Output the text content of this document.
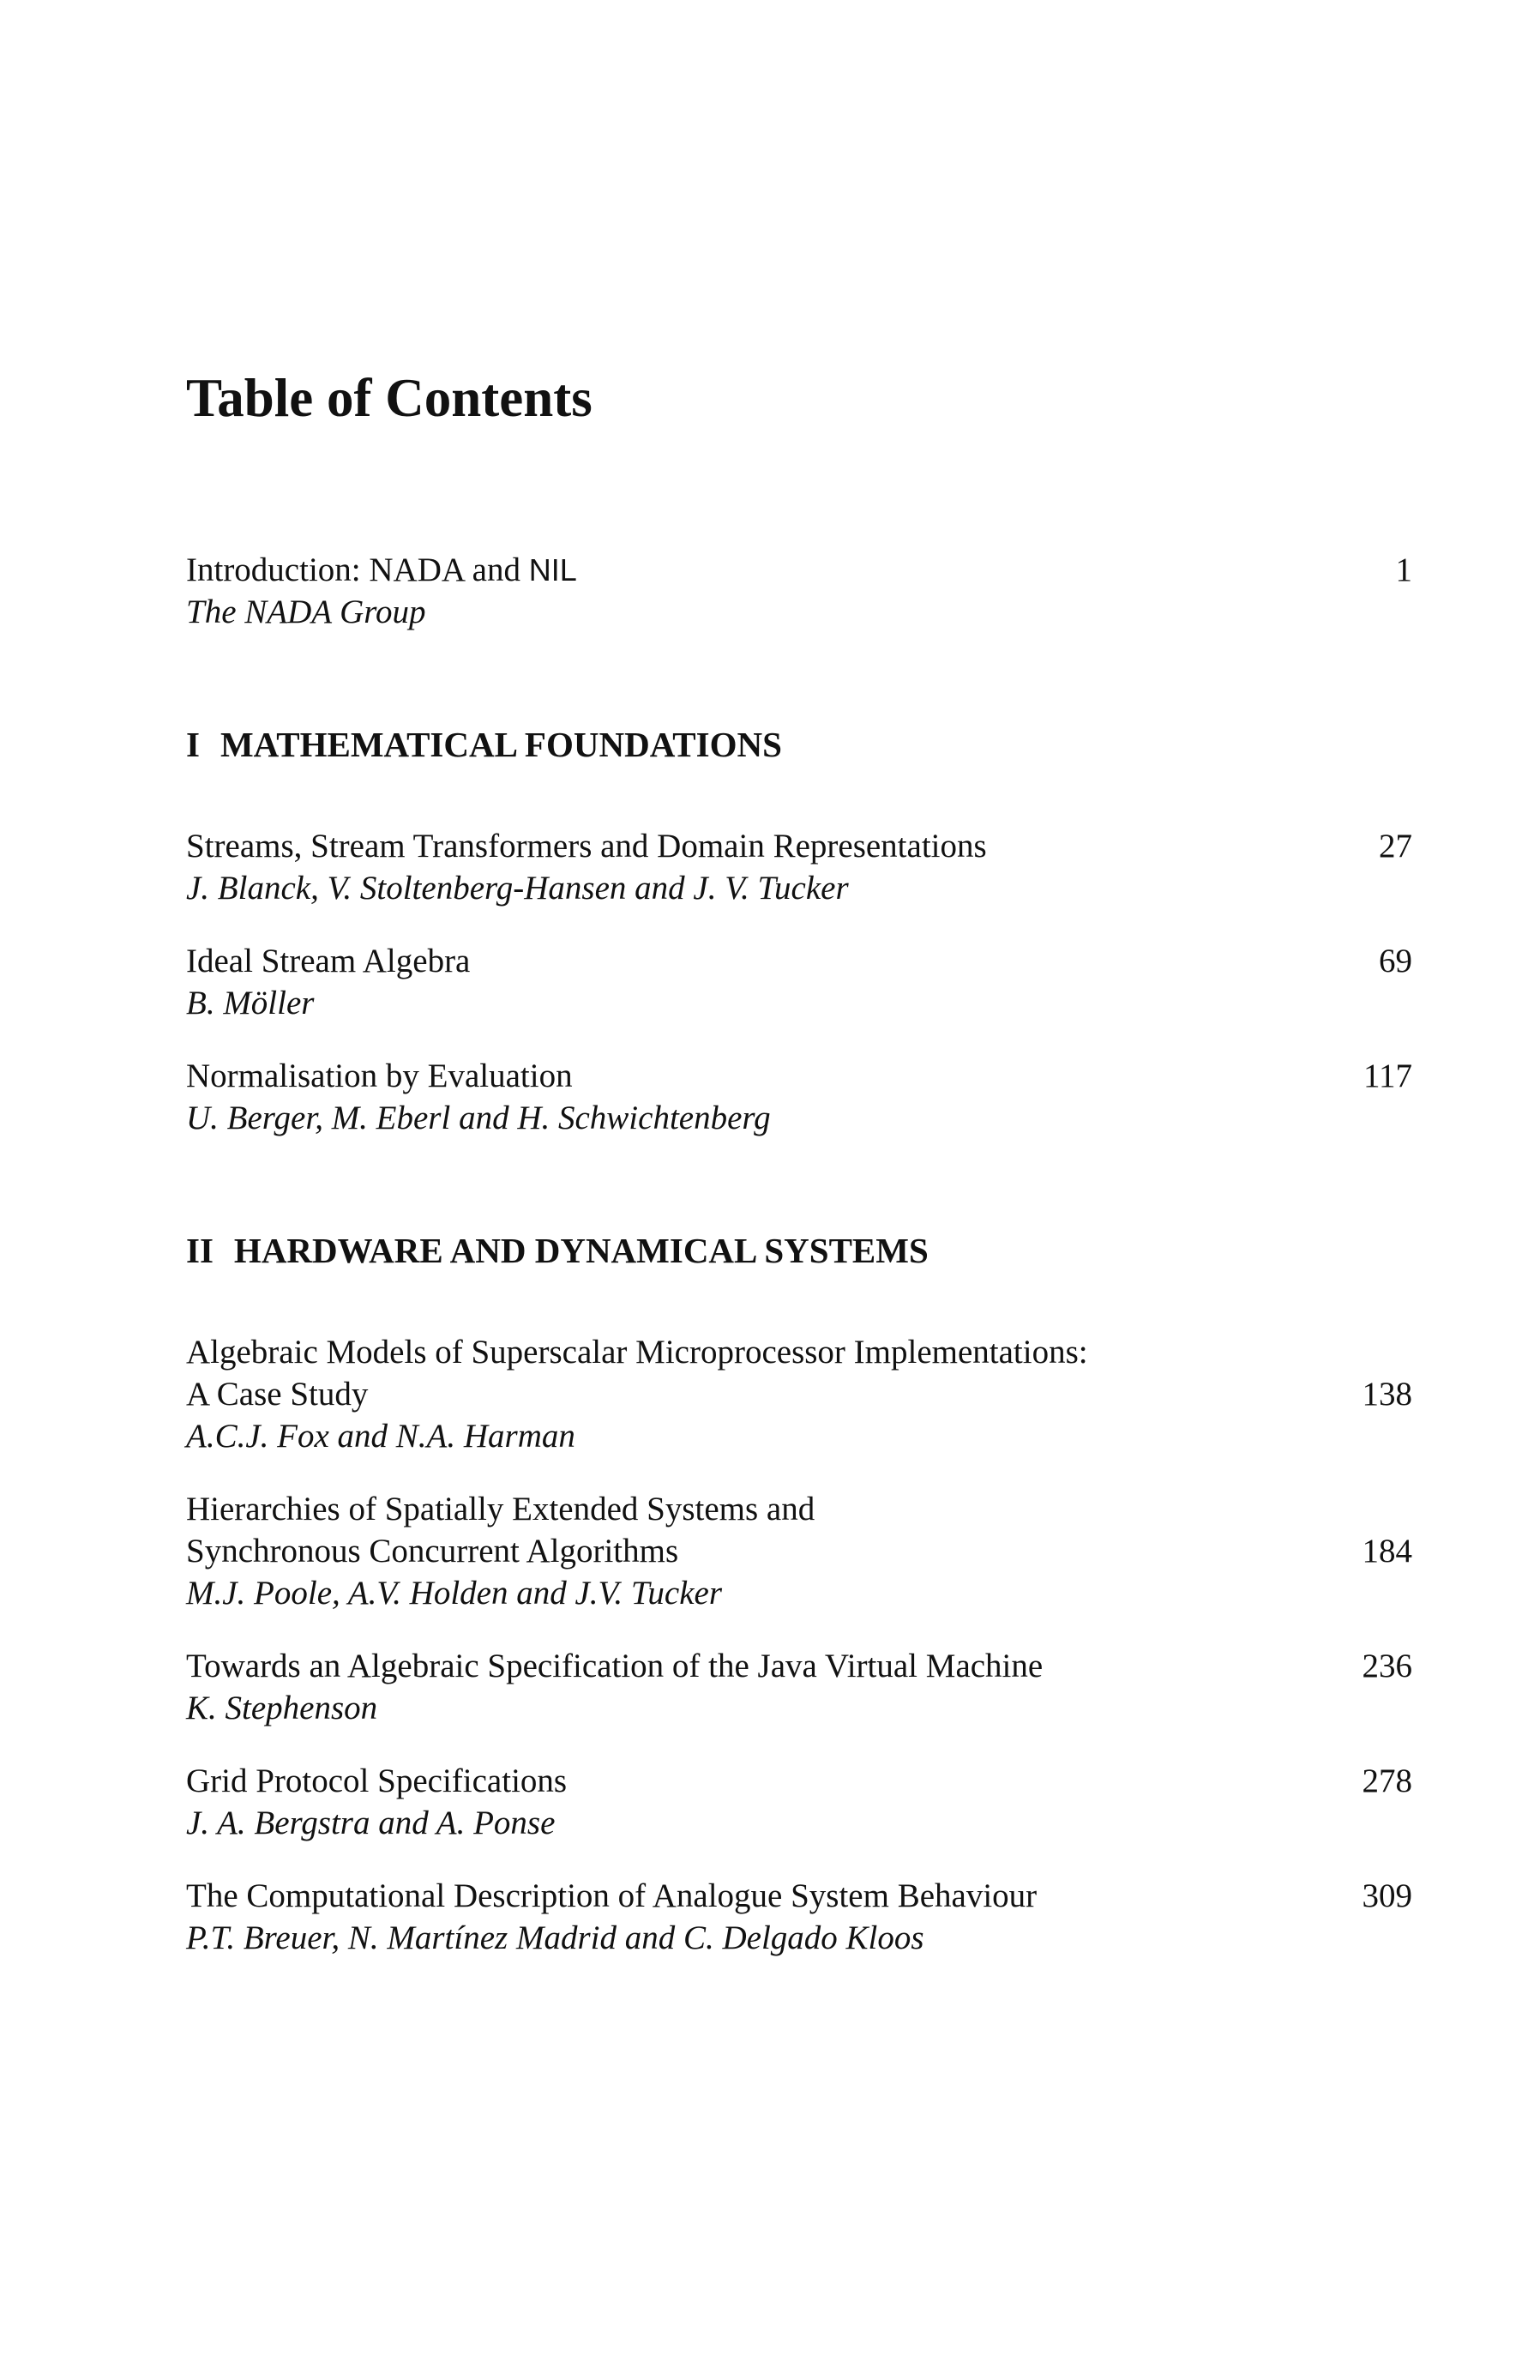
Table of Contents
Introduction: NADA and NIL	1
The NADA Group
I MATHEMATICAL FOUNDATIONS
Streams, Stream Transformers and Domain Representations	27
J. Blanck, V. Stoltenberg-Hansen and J. V. Tucker
Ideal Stream Algebra	69
B. Möller
Normalisation by Evaluation	117
U. Berger, M. Eberl and H. Schwichtenberg
II HARDWARE AND DYNAMICAL SYSTEMS
Algebraic Models of Superscalar Microprocessor Implementations:
A Case Study	138
A.C.J. Fox and N.A. Harman
Hierarchies of Spatially Extended Systems and
Synchronous Concurrent Algorithms	184
M.J. Poole, A.V. Holden and J.V. Tucker
Towards an Algebraic Specification of the Java Virtual Machine	236
K. Stephenson
Grid Protocol Specifications	278
J. A. Bergstra and A. Ponse
The Computational Description of Analogue System Behaviour	309
P.T. Breuer, N. Martínez Madrid and C. Delgado Kloos
